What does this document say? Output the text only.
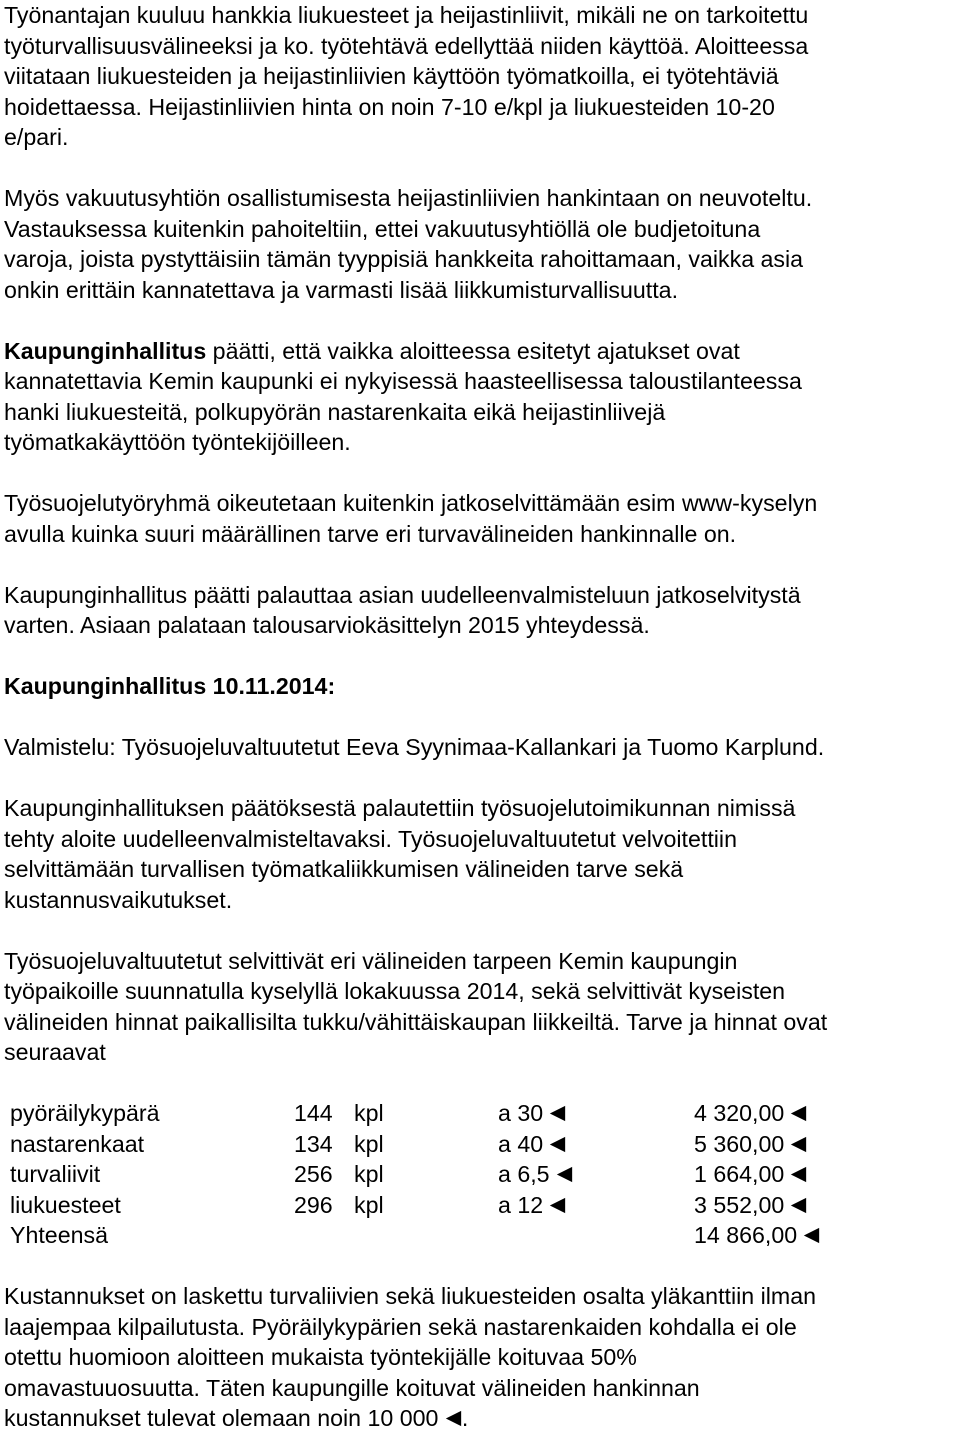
Työnantajan kuuluu hankkia liukuesteet ja heijastinliivit, mikäli ne on tarkoitettu
työturvallisuusvälineeksi ja ko. työtehtävä edellyttää niiden käyttöä. Aloitteessa
viitataan liukuesteiden ja heijastinliivien käyttöön työmatkoilla, ei työtehtäviä
hoidettaessa. Heijastinliivien hinta on noin 7-10 e/kpl ja liukuesteiden 10-20
e/pari.
Myös vakuutusyhtiön osallistumisesta heijastinliivien hankintaan on neuvoteltu.
Vastauksessa kuitenkin pahoiteltiin, ettei vakuutusyhtiöllä ole budjetoituna
varoja, joista pystyttäisiin tämän tyyppisiä hankkeita rahoittamaan, vaikka asia
onkin erittäin kannatettava ja varmasti lisää liikkumisturvallisuutta.
Kaupunginhallitus päätti, että vaikka aloitteessa esitetyt ajatukset ovat
kannatettavia Kemin kaupunki ei nykyisessä haasteellisessa taloustilanteessa
hanki liukuesteitä, polkupyörän nastarenkaita eikä heijastinliivejä
työmatkakäyttöön työntekijöilleen.
Työsuojelutyöryhmä oikeutetaan kuitenkin jatkoselvittämään esim www-kyselyn
avulla kuinka suuri määrällinen tarve eri turvavälineiden hankinnalle on.
Kaupunginhallitus päätti palauttaa asian uudelleenvalmisteluun jatkoselvitystä
varten. Asiaan palataan talousarviokäsittelyn 2015 yhteydessä.
Kaupunginhallitus 10.11.2014:
Valmistelu: Työsuojeluvaltuutetut Eeva Syynimaa-Kallankari ja Tuomo Karplund.
Kaupunginhallituksen päätöksestä palautettiin työsuojelutoimikunnan nimissä
tehty aloite uudelleenvalmisteltavaksi. Työsuojeluvaltuutetut velvoitettiin
selvittämään turvallisen työmatkaliikkumisen välineiden tarve sekä
kustannusvaikutukset.
Työsuojeluvaltuutetut selvittivät eri välineiden tarpeen Kemin kaupungin
työpaikoille suunnatulla kyselyllä lokakuussa 2014, sekä selvittivät kyseisten
välineiden hinnat paikallisilta tukku/vähittäiskaupan liikkeiltä. Tarve ja hinnat ovat
seuraavat
pyöräilykypärä	144	kpl	a 30	4 320,00
nastarenkaat	134	kpl	a 40	5 360,00
turvaliivit	256	kpl	a 6,5	1 664,00
liukuesteet	296	kpl	a 12	3 552,00
Yhteensä				14 866,00
Kustannukset on laskettu turvaliivien sekä liukuesteiden osalta yläkanttiin ilman
laajempaa kilpailutusta. Pyöräilykypärien sekä nastarenkaiden kohdalla ei ole
otettu huomioon aloitteen mukaista työntekijälle koituvaa 50%
omavastuuosuutta. Täten kaupungille koituvat välineiden hankinnan
kustannukset tulevat olemaan noin 10 000 .
